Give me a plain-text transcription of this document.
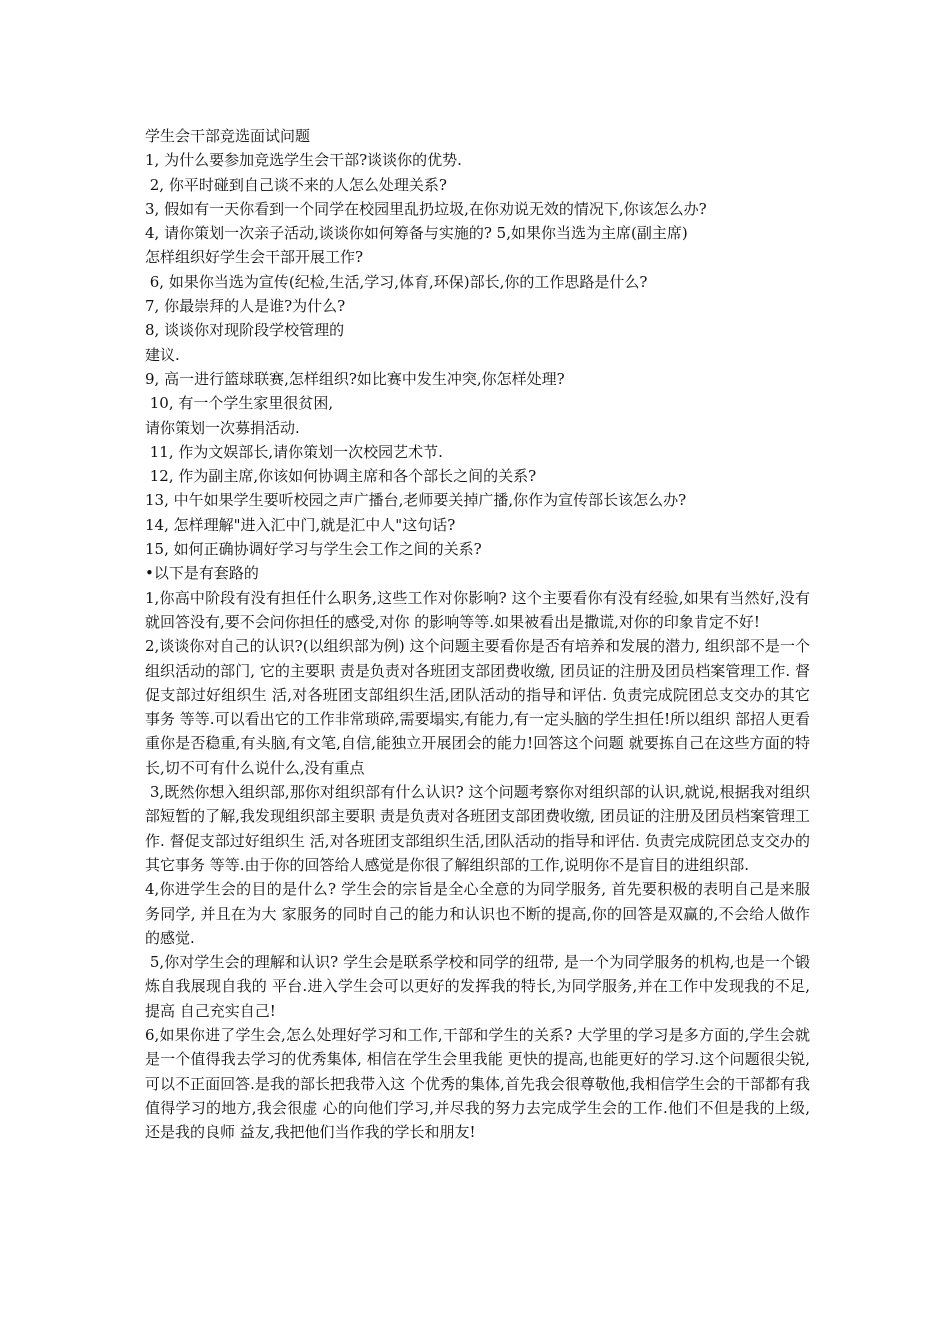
学生会干部竞选面试问题
1, 为什么要参加竞选学生会干部?谈谈你的优势.
2, 你平时碰到自己谈不来的人怎么处理关系?
3, 假如有一天你看到一个同学在校园里乱扔垃圾,在你劝说无效的情况下,你该怎么办?
4, 请你策划一次亲子活动,谈谈你如何筹备与实施的? 5,如果你当选为主席(副主席)
怎样组织好学生会干部开展工作?
6, 如果你当选为宣传(纪检,生活,学习,体育,环保)部长,你的工作思路是什么?
7, 你最崇拜的人是谁?为什么?
8, 谈谈你对现阶段学校管理的
建议.
9, 高一进行篮球联赛,怎样组织?如比赛中发生冲突,你怎样处理?
10, 有一个学生家里很贫困,
请你策划一次募捐活动.
11, 作为文娱部长,请你策划一次校园艺术节.
12, 作为副主席,你该如何协调主席和各个部长之间的关系?
13, 中午如果学生要听校园之声广播台,老师要关掉广播,你作为宣传部长该怎么办?
14, 怎样理解"进入汇中门,就是汇中人"这句话?
15, 如何正确协调好学习与学生会工作之间的关系?
•以下是有套路的

1,你高中阶段有没有担任什么职务,这些工作对你影响? 这个主要看你有没有经验,如果有当然好,没有就回答没有,要不会问你担任的感受,对你 的影响等等.如果被看出是撒谎,对你的印象肯定不好!

2,谈谈你对自己的认识?(以组织部为例) 这个问题主要看你是否有培养和发展的潜力, 组织部不是一个组织活动的部门, 它的主要职 责是负责对各班团支部团费收缴, 团员证的注册及团员档案管理工作. 督促支部过好组织生 活,对各班团支部组织生活,团队活动的指导和评估. 负责完成院团总支交办的其它事务 等等.可以看出它的工作非常琐碎,需要塌实,有能力,有一定头脑的学生担任!所以组织 部招人更看重你是否稳重,有头脑,有文笔,自信,能独立开展团会的能力!回答这个问题 就要拣自己在这些方面的特长,切不可有什么说什么,没有重点

3,既然你想入组织部,那你对组织部有什么认识? 这个问题考察你对组织部的认识,就说,根据我对组织部短暂的了解,我发现组织部主要职 责是负责对各班团支部团费收缴, 团员证的注册及团员档案管理工作. 督促支部过好组织生 活,对各班团支部组织生活,团队活动的指导和评估. 负责完成院团总支交办的其它事务 等等.由于你的回答给人感觉是你很了解组织部的工作,说明你不是盲目的进组织部.

4,你进学生会的目的是什么? 学生会的宗旨是全心全意的为同学服务, 首先要积极的表明自己是来服务同学, 并且在为大 家服务的同时自己的能力和认识也不断的提高,你的回答是双赢的,不会给人做作的感觉.

5,你对学生会的理解和认识? 学生会是联系学校和同学的纽带, 是一个为同学服务的机构,也是一个锻炼自我展现自我的 平台.进入学生会可以更好的发挥我的特长,为同学服务,并在工作中发现我的不足,提高 自己充实自己!

6,如果你进了学生会,怎么处理好学习和工作,干部和学生的关系? 大学里的学习是多方面的,学生会就是一个值得我去学习的优秀集体, 相信在学生会里我能 更快的提高,也能更好的学习.这个问题很尖锐,可以不正面回答.是我的部长把我带入这 个优秀的集体,首先我会很尊敬他,我相信学生会的干部都有我值得学习的地方,我会很虚 心的向他们学习,并尽我的努力去完成学生会的工作.他们不但是我的上级,还是我的良师 益友,我把他们当作我的学长和朋友!
